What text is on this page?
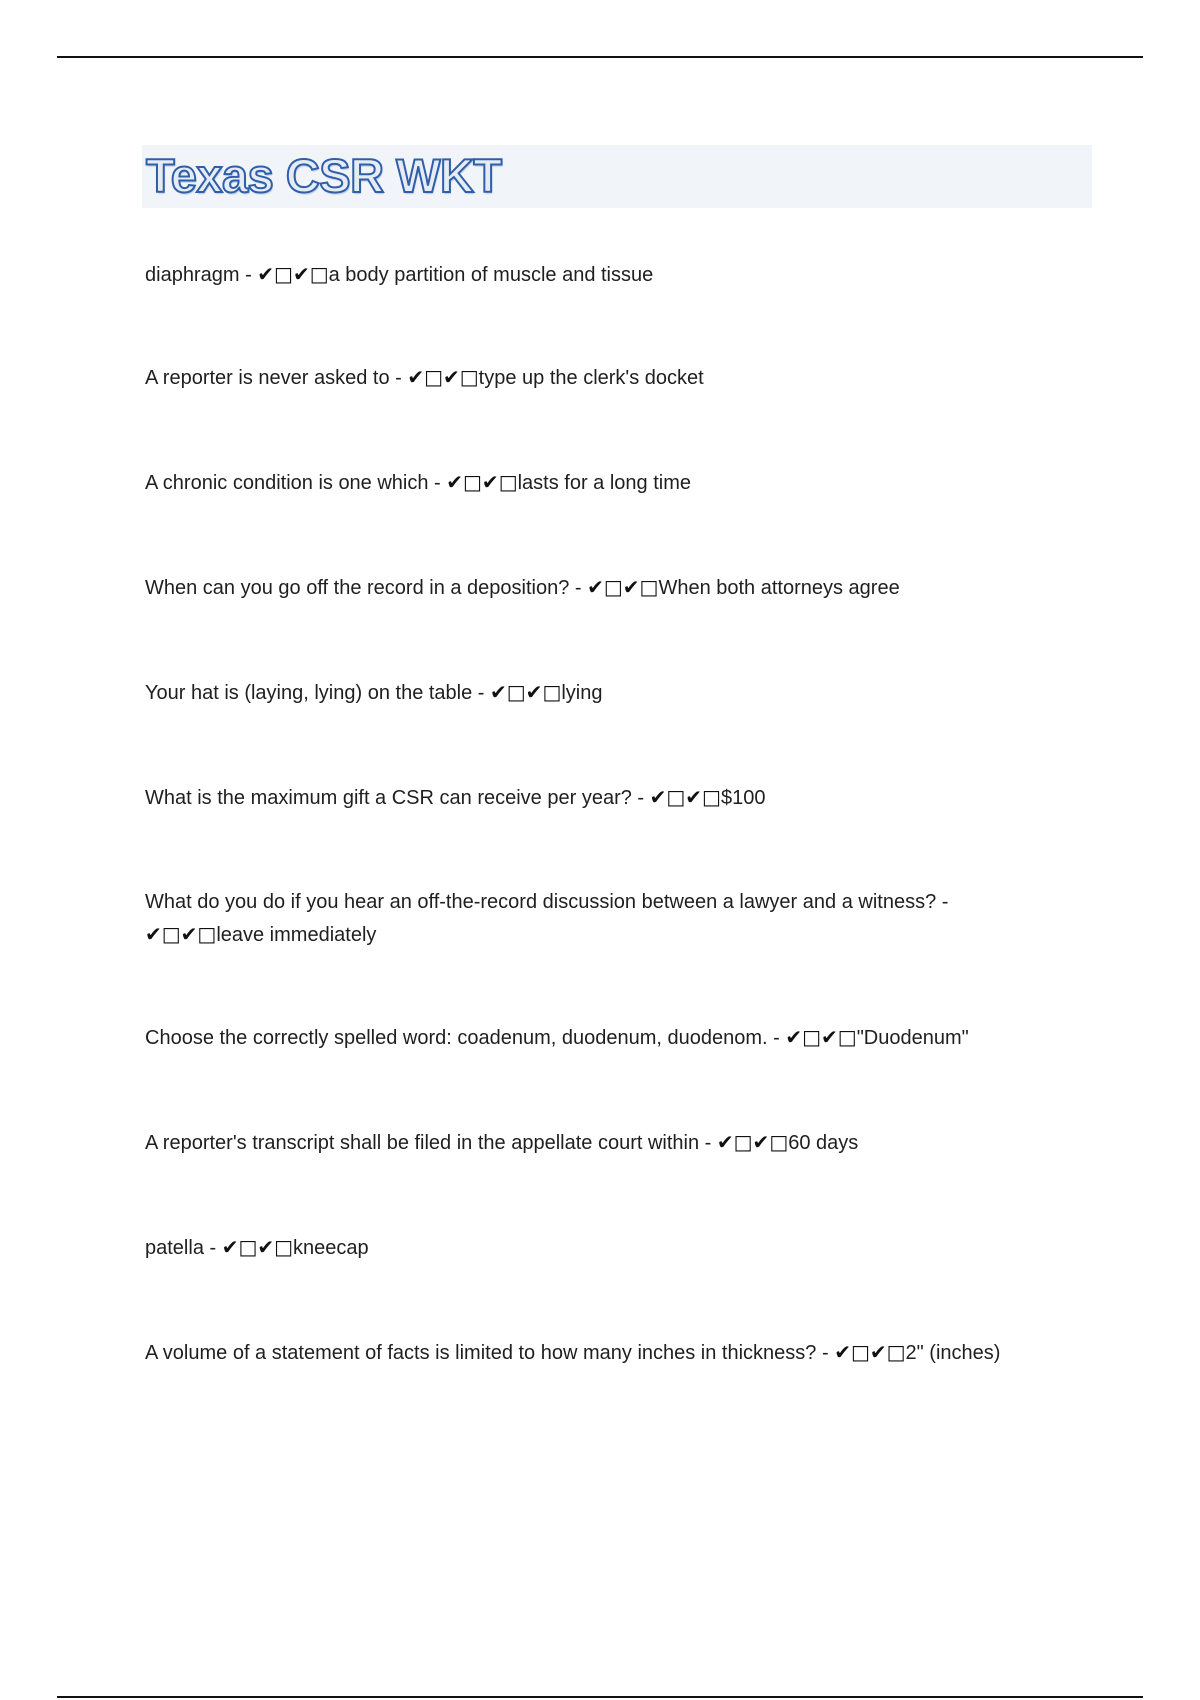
Texas CSR WKT
diaphragm - ✔□✔□a body partition of muscle and tissue
A reporter is never asked to - ✔□✔□type up the clerk's docket
A chronic condition is one which - ✔□✔□lasts for a long time
When can you go off the record in a deposition? - ✔□✔□When both attorneys agree
Your hat is (laying, lying) on the table - ✔□✔□lying
What is the maximum gift a CSR can receive per year? - ✔□✔□$100
What do you do if you hear an off-the-record discussion between a lawyer and a witness? - ✔□✔□leave immediately
Choose the correctly spelled word: coadenum, duodenum, duodenom. - ✔□✔□"Duodenum"
A reporter's transcript shall be filed in the appellate court within - ✔□✔□60 days
patella - ✔□✔□kneecap
A volume of a statement of facts is limited to how many inches in thickness? - ✔□✔□2" (inches)
